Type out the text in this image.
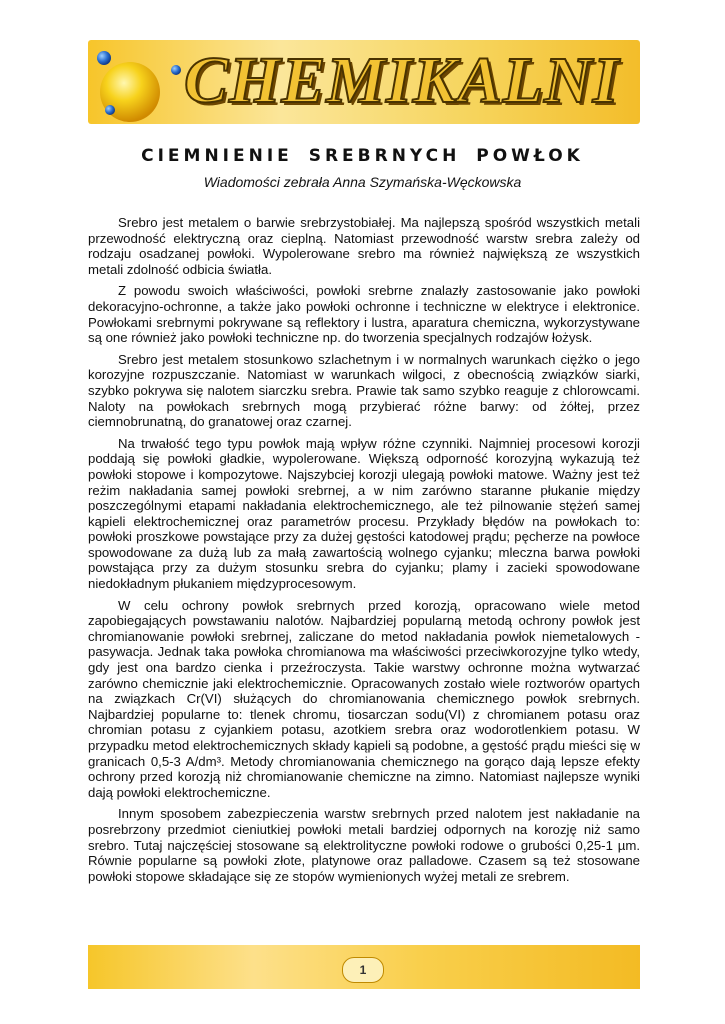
CHEMIKALNI
CIEMNIENIE SREBRNYCH POWŁOK
Wiadomości zebrała Anna Szymańska-Węckowska

Srebro jest metalem o barwie srebrzystobiałej. Ma najlepszą spośród wszystkich metali przewodność elektryczną oraz cieplną. Natomiast przewodność warstw srebra zależy od rodzaju osadzanej powłoki. Wypolerowane srebro ma również największą ze wszystkich metali zdolność odbicia światła.

Z powodu swoich właściwości, powłoki srebrne znalazły zastosowanie jako powłoki dekoracyjno-ochronne, a także jako powłoki ochronne i techniczne w elektryce i elektronice. Powłokami srebrnymi pokrywane są reflektory i lustra, aparatura chemiczna, wykorzystywane są one również jako powłoki techniczne np. do tworzenia specjalnych rodzajów łożysk.

Srebro jest metalem stosunkowo szlachetnym i w normalnych warunkach ciężko o jego korozyjne rozpuszczanie. Natomiast w warunkach wilgoci, z obecnością związków siarki, szybko pokrywa się nalotem siarczku srebra. Prawie tak samo szybko reaguje z chlorowcami. Naloty na powłokach srebrnych mogą przybierać różne barwy: od żółtej, przez ciemnobrunatną, do granatowej oraz czarnej.

Na trwałość tego typu powłok mają wpływ różne czynniki. Najmniej procesowi korozji poddają się powłoki gładkie, wypolerowane. Większą odporność korozyjną wykazują też powłoki stopowe i kompozytowe. Najszybciej korozji ulegają powłoki matowe. Ważny jest też reżim nakładania samej powłoki srebrnej, a w nim zarówno staranne płukanie między poszczególnymi etapami nakładania elektrochemicznego, ale też pilnowanie stężeń samej kąpieli elektrochemicznej oraz parametrów procesu. Przykłady błędów na powłokach to: powłoki proszkowe powstające przy za dużej gęstości katodowej prądu; pęcherze na powłoce spowodowane za dużą lub za małą zawartością wolnego cyjanku; mleczna barwa powłoki powstająca przy za dużym stosunku srebra do cyjanku; plamy i zacieki spowodowane niedokładnym płukaniem międzyprocesowym.

W celu ochrony powłok srebrnych przed korozją, opracowano wiele metod zapobiegających powstawaniu nalotów. Najbardziej popularną metodą ochrony powłok jest chromianowanie powłoki srebrnej, zaliczane do metod nakładania powłok niemetalowych - pasywacja. Jednak taka powłoka chromianowa ma właściwości przeciwkorozyjne tylko wtedy, gdy jest ona bardzo cienka i przeźroczysta. Takie warstwy ochronne można wytwarzać zarówno chemicznie jaki elektrochemicznie. Opracowanych zostało wiele roztworów opartych na związkach Cr(VI) służących do chromianowania chemicznego powłok srebrnych. Najbardziej popularne to: tlenek chromu, tiosarczan sodu(VI) z chromianem potasu oraz chromian potasu z cyjankiem potasu, azotkiem srebra oraz wodorotlenkiem potasu. W przypadku metod elektrochemicznych składy kąpieli są podobne, a gęstość prądu mieści się w granicach 0,5-3 A/dm³. Metody chromianowania chemicznego na gorąco dają lepsze efekty ochrony przed korozją niż chromianowanie chemiczne na zimno. Natomiast najlepsze wyniki dają powłoki elektrochemiczne.

Innym sposobem zabezpieczenia warstw srebrnych przed nalotem jest nakładanie na posrebrzony przedmiot cieniutkiej powłoki metali bardziej odpornych na korozję niż samo srebro. Tutaj najczęściej stosowane są elektrolityczne powłoki rodowe o grubości 0,25-1 µm. Równie popularne są powłoki złote, platynowe oraz palladowe. Czasem są też stosowane powłoki stopowe składające się ze stopów wymienionych wyżej metali ze srebrem.

1
